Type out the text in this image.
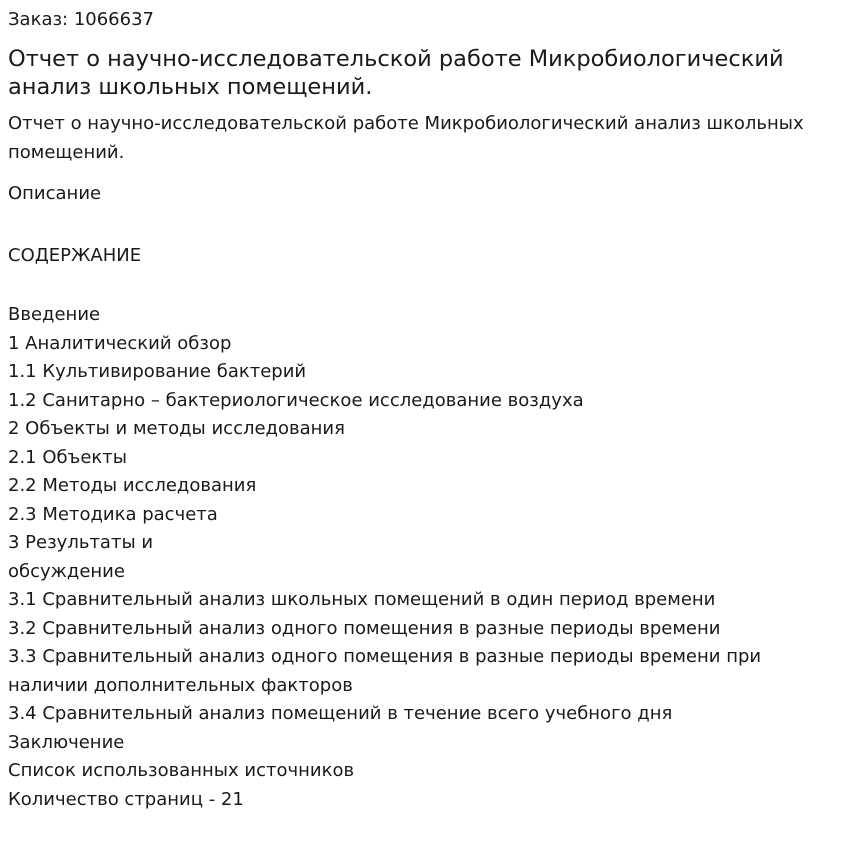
Заказ: 1066637
Отчет о научно-исследовательской работе Микробиологический анализ школьных помещений.
Отчет о научно-исследовательской работе Микробиологический анализ школьных помещений.
Описание
СОДЕРЖАНИЕ
Введение
1 Аналитический обзор
1.1 Культивирование бактерий
1.2 Санитарно – бактериологическое исследование воздуха
2 Объекты и методы исследования
2.1 Объекты
2.2 Методы исследования
2.3 Методика расчета
3 Результаты и
обсуждение
3.1 Сравнительный анализ школьных помещений в один период времени
3.2 Сравнительный анализ одного помещения в разные периоды времени
3.3 Сравнительный анализ одного помещения в разные периоды времени при наличии дополнительных факторов
3.4 Сравнительный анализ помещений в течение всего учебного дня
Заключение
Список использованных источников
Количество страниц - 21
